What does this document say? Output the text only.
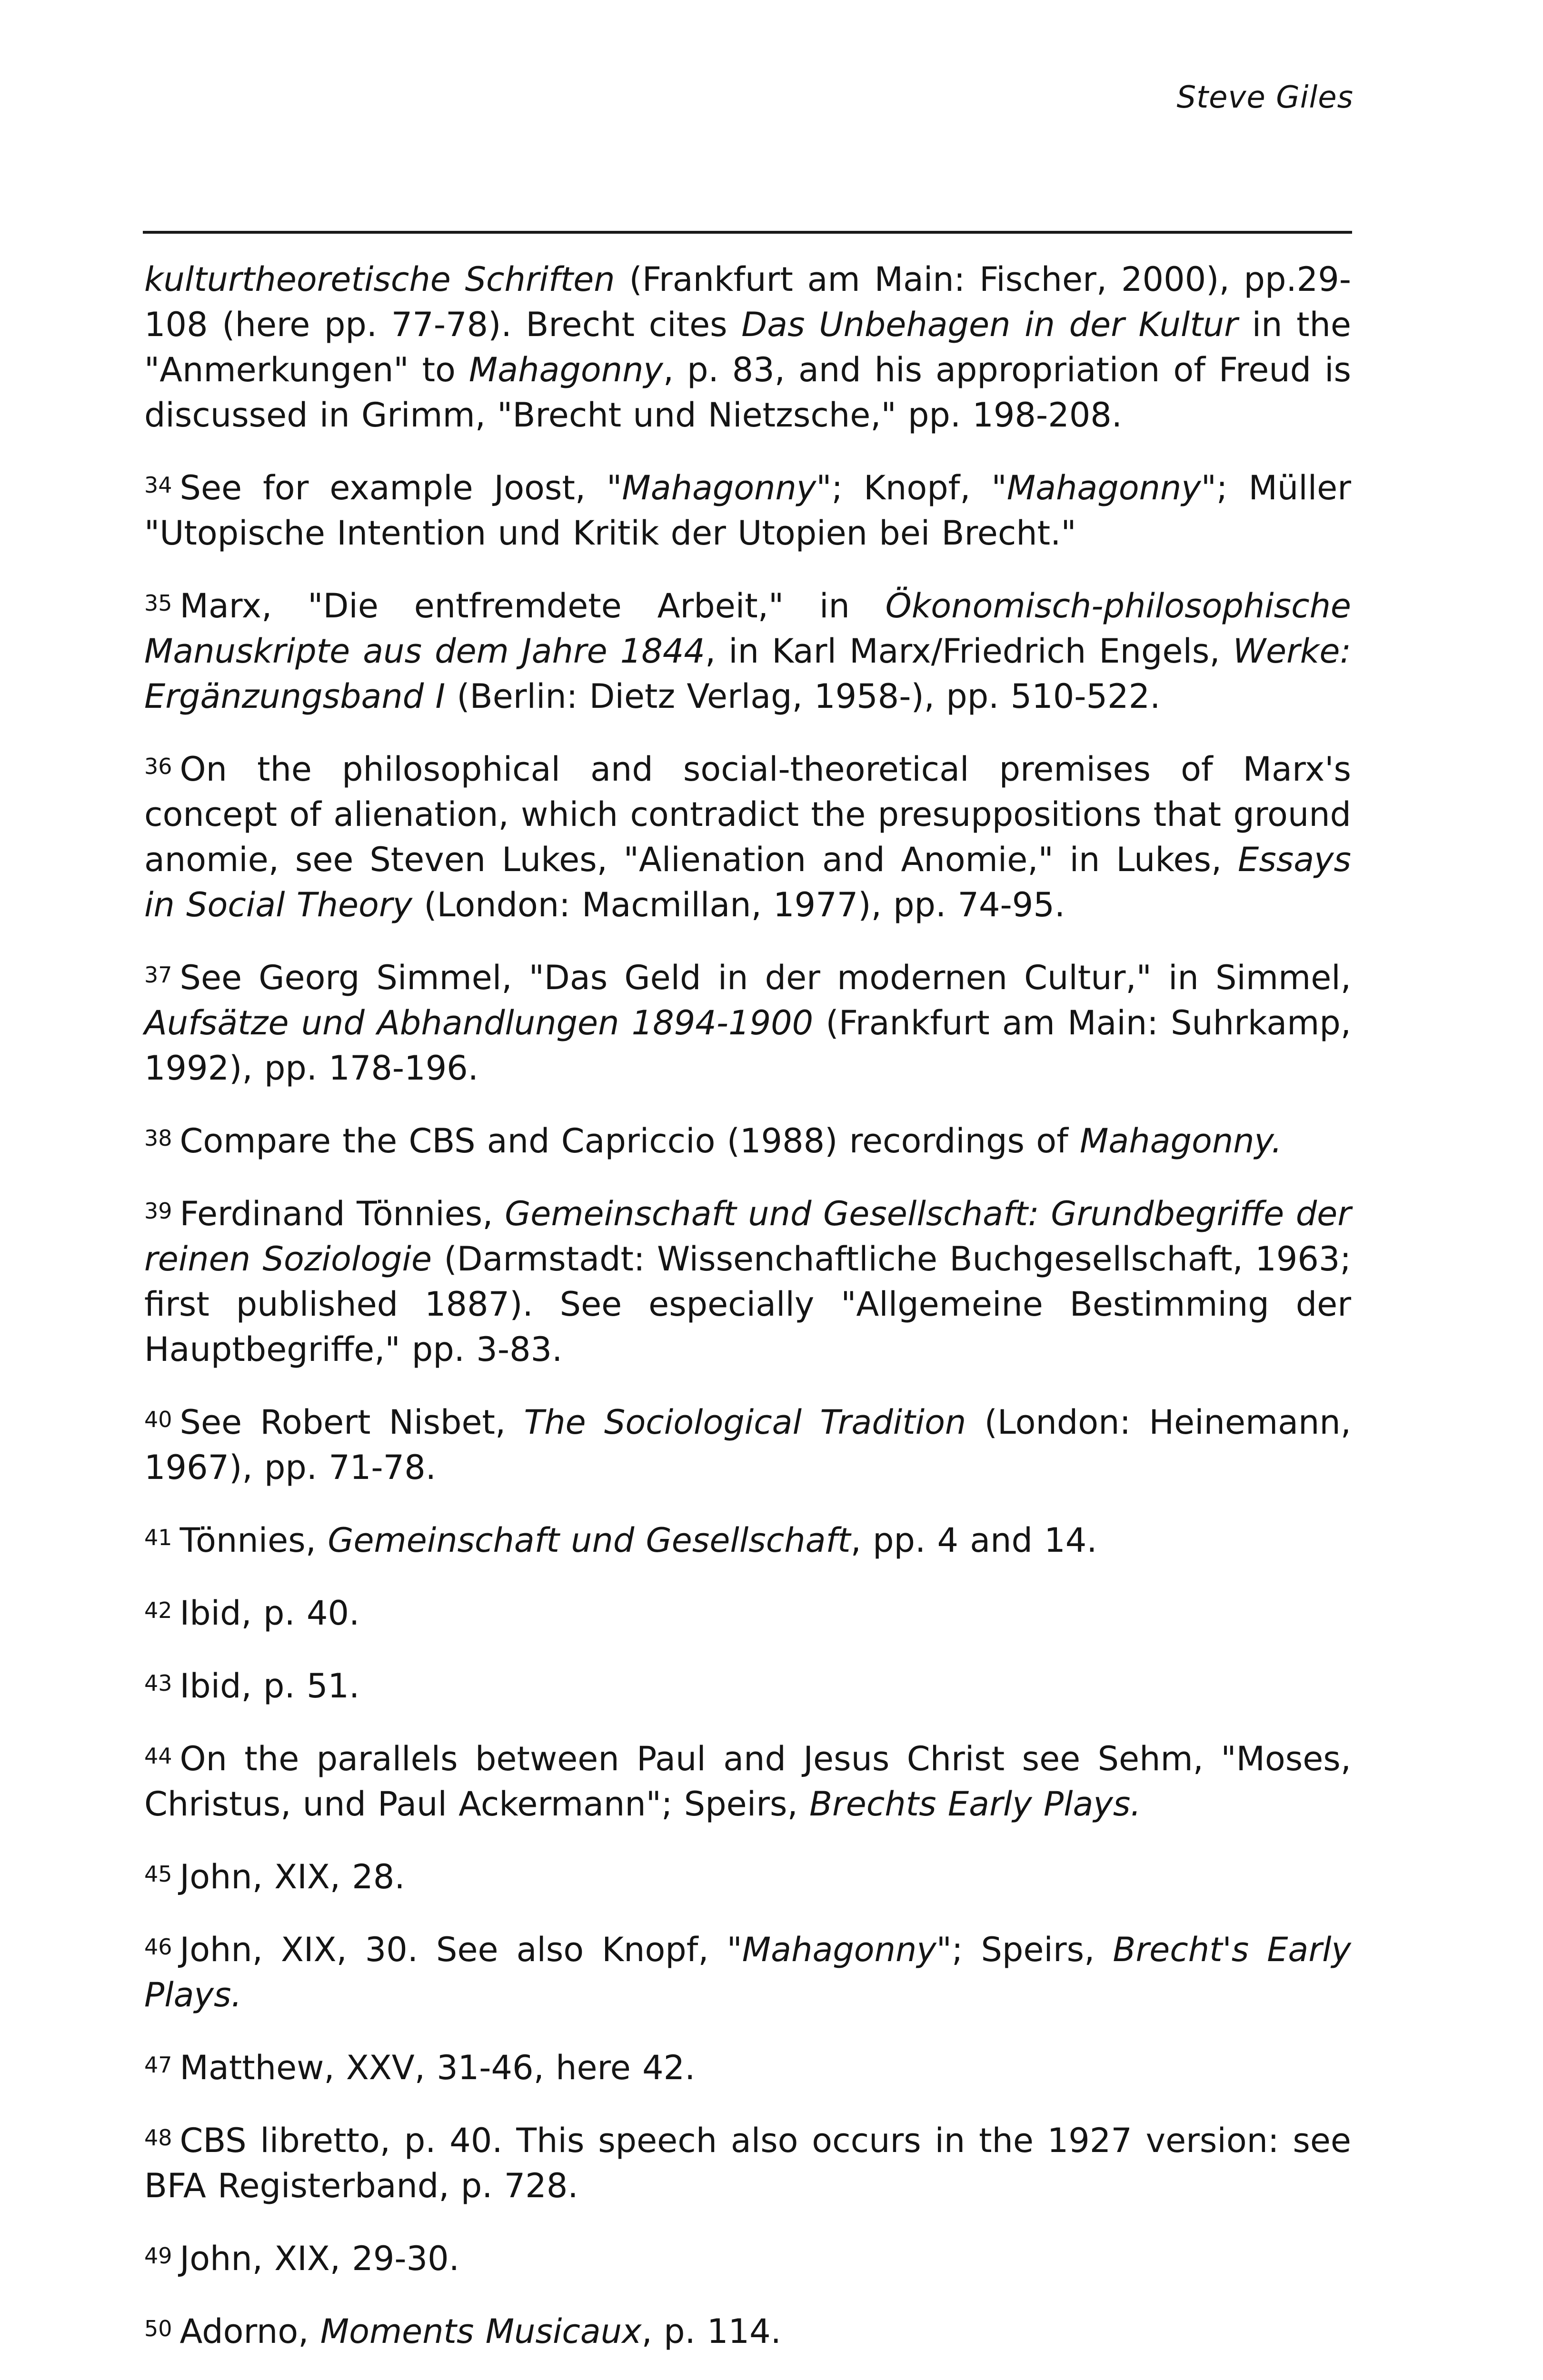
Steve Giles

kulturtheoretische Schriften (Frankfurt am Main: Fischer, 2000), pp.29-108 (here pp. 77-78). Brecht cites Das Unbehagen in der Kultur in the "Anmerkungen" to Mahagonny, p. 83, and his appropriation of Freud is discussed in Grimm, "Brecht und Nietzsche," pp. 198-208.

$^{34}$ See for example Joost, "Mahagonny"; Knopf, "Mahagonny"; Müller "Utopische Intention und Kritik der Utopien bei Brecht."

$^{35}$ Marx, "Die entfremdete Arbeit," in Ökonomisch-philosophische Manuskripte aus dem Jahre 1844, in Karl Marx/Friedrich Engels, Werke: Ergänzungsband I (Berlin: Dietz Verlag, 1958-), pp. 510-522.

$^{36}$ On the philosophical and social-theoretical premises of Marx's concept of alienation, which contradict the presuppositions that ground anomie, see Steven Lukes, "Alienation and Anomie," in Lukes, Essays in Social Theory (London: Macmillan, 1977), pp. 74-95.

$^{37}$ See Georg Simmel, "Das Geld in der modernen Cultur," in Simmel, Aufsätze und Abhandlungen 1894-1900 (Frankfurt am Main: Suhrkamp, 1992), pp. 178-196.

$^{38}$ Compare the CBS and Capriccio (1988) recordings of Mahagonny.

$^{39}$ Ferdinand Tönnies, Gemeinschaft und Gesellschaft: Grundbegriffe der reinen Soziologie (Darmstadt: Wissenchaftliche Buchgesellschaft, 1963; first published 1887). See especially "Allgemeine Bestimming der Hauptbegriffe," pp. 3-83.

$^{40}$ See Robert Nisbet, The Sociological Tradition (London: Heinemann, 1967), pp. 71-78.

$^{41}$ Tönnies, Gemeinschaft und Gesellschaft, pp. 4 and 14.

$^{42}$ Ibid, p. 40.

$^{43}$ Ibid, p. 51.

$^{44}$ On the parallels between Paul and Jesus Christ see Sehm, "Moses, Christus, und Paul Ackermann"; Speirs, Brechts Early Plays.

$^{45}$ John, XIX, 28.

$^{46}$ John, XIX, 30. See also Knopf, "Mahagonny"; Speirs, Brecht's Early Plays.

$^{47}$ Matthew, XXV, 31-46, here 42.

$^{48}$ CBS libretto, p. 40. This speech also occurs in the 1927 version: see BFA Registerband, p. 728.

$^{49}$ John, XIX, 29-30.

$^{50}$ Adorno, Moments Musicaux, p. 114.
